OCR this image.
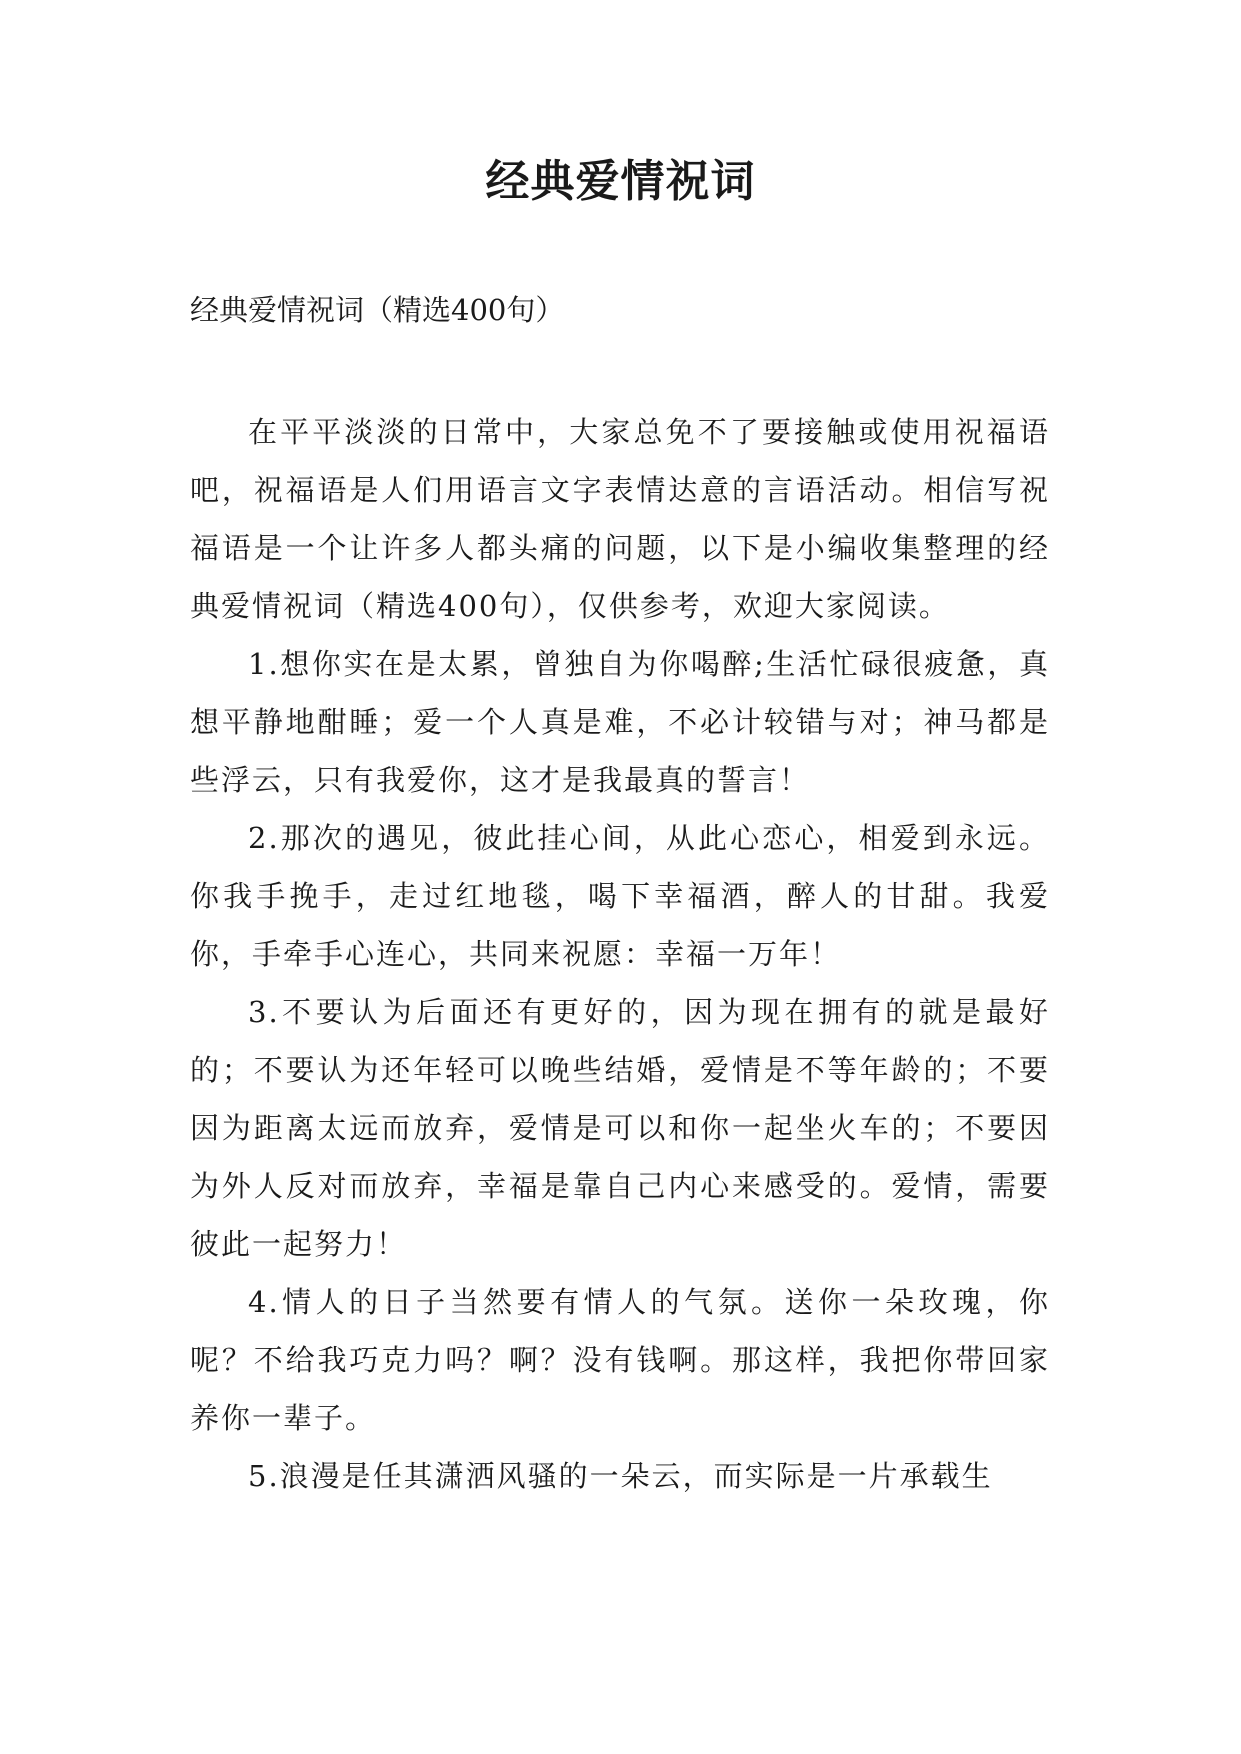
经典爱情祝词

经典爱情祝词（精选400句）

在平平淡淡的日常中，大家总免不了要接触或使用祝福语吧，祝福语是人们用语言文字表情达意的言语活动。相信写祝福语是一个让许多人都头痛的问题，以下是小编收集整理的经典爱情祝词（精选400句），仅供参考，欢迎大家阅读。

1.想你实在是太累，曾独自为你喝醉;生活忙碌很疲惫，真想平静地酣睡；爱一个人真是难，不必计较错与对；神马都是些浮云，只有我爱你，这才是我最真的誓言！

2.那次的遇见，彼此挂心间，从此心恋心，相爱到永远。你我手挽手，走过红地毯，喝下幸福酒，醉人的甘甜。我爱你，手牵手心连心，共同来祝愿：幸福一万年！

3.不要认为后面还有更好的，因为现在拥有的就是最好的；不要认为还年轻可以晚些结婚，爱情是不等年龄的；不要因为距离太远而放弃，爱情是可以和你一起坐火车的；不要因为外人反对而放弃，幸福是靠自己内心来感受的。爱情，需要彼此一起努力！

4.情人的日子当然要有情人的气氛。送你一朵玫瑰，你呢？不给我巧克力吗？啊？没有钱啊。那这样，我把你带回家养你一辈子。

5.浪漫是任其潇洒风骚的一朵云，而实际是一片承载生
